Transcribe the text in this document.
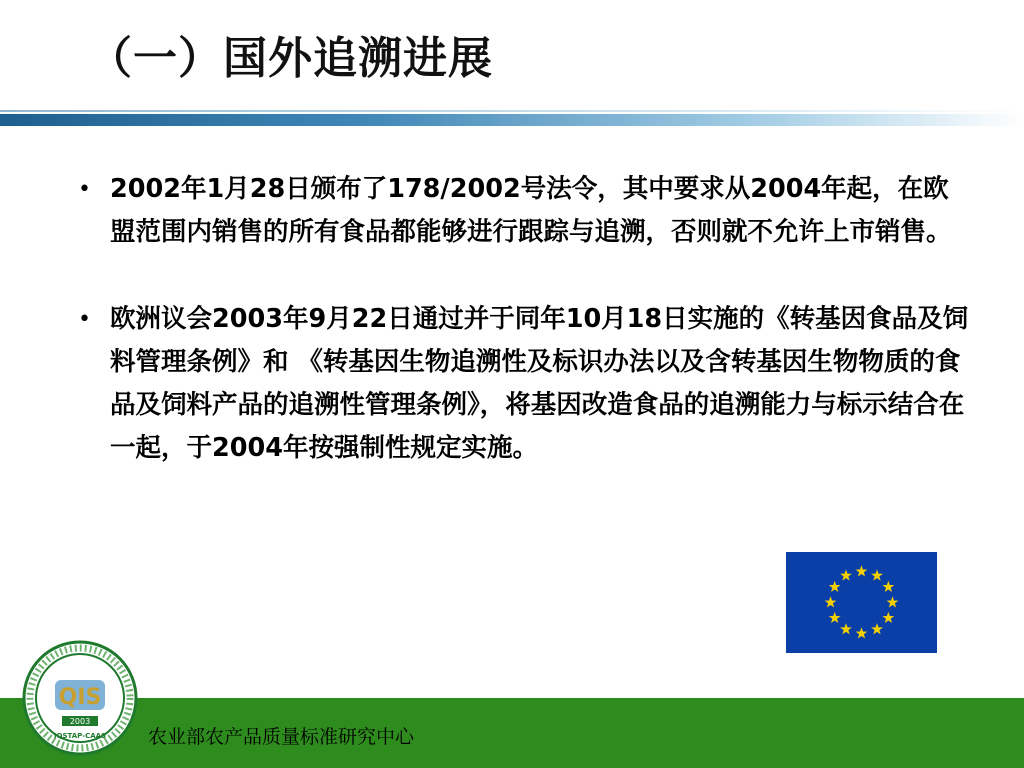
（一）国外追溯进展
• 2002年1月28日颁布了178/2002号法令，其中要求从2004年起，在欧盟范围内销售的所有食品都能够进行跟踪与追溯，否则就不允许上市销售。
• 欧洲议会2003年9月22日通过并于同年10月18日实施的《转基因食品及饲料管理条例》和 《转基因生物追溯性及标识办法以及含转基因生物物质的食品及饲料产品的追溯性管理条例》，将基因改造食品的追溯能力与标示结合在一起，于2004年按强制性规定实施。
农业部农产品质量标准研究中心
QIS
2003
IQSTAP-CAAS
